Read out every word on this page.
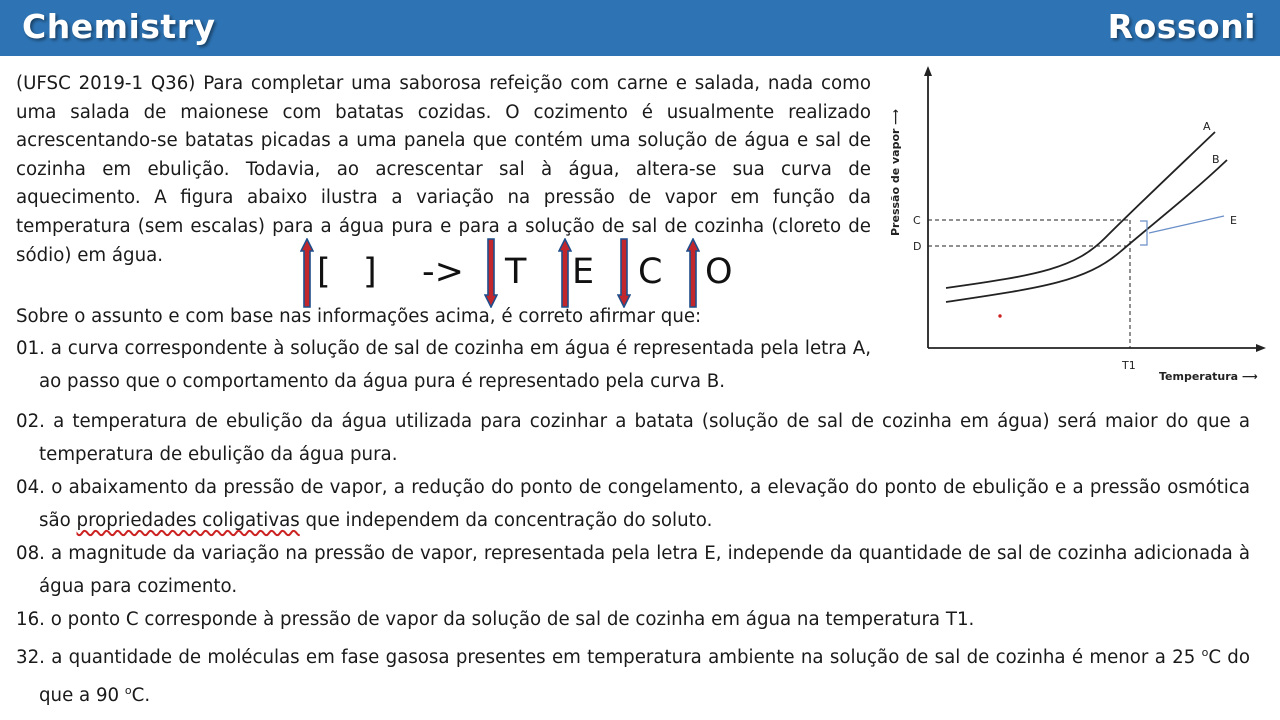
Chemistry	Rossoni
(UFSC 2019-1 Q36) Para completar uma saborosa refeição com carne e salada, nada como uma salada de maionese com batatas cozidas. O cozimento é usualmente realizado acrescentando-se batatas picadas a uma panela que contém uma solução de água e sal de cozinha em ebulição. Todavia, ao acrescentar sal à água, altera-se sua curva de aquecimento. A figura abaixo ilustra a variação na pressão de vapor em função da temperatura (sem escalas) para a água pura e para a solução de sal de cozinha (cloreto de sódio) em água.	[ ] -> T E C O
Sobre o assunto e com base nas informações acima, é correto afirmar que:
01. a curva correspondente à solução de sal de cozinha em água é representada pela letra A, ao passo que o comportamento da água pura é representado pela curva B.
02. a temperatura de ebulição da água utilizada para cozinhar a batata (solução de sal de cozinha em água) será maior do que a temperatura de ebulição da água pura.
04. o abaixamento da pressão de vapor, a redução do ponto de congelamento, a elevação do ponto de ebulição e a pressão osmótica são propriedades coligativas que independem da concentração do soluto.
08. a magnitude da variação na pressão de vapor, representada pela letra E, independe da quantidade de sal de cozinha adicionada à água para cozimento.
16. o ponto C corresponde à pressão de vapor da solução de sal de cozinha em água na temperatura T1.
32. a quantidade de moléculas em fase gasosa presentes em temperatura ambiente na solução de sal de cozinha é menor a 25 $^o$C do que a 90 $^o$C.
Pressão de vapor ⟶
Temperatura ⟶
C
D
A
B
E
T1
